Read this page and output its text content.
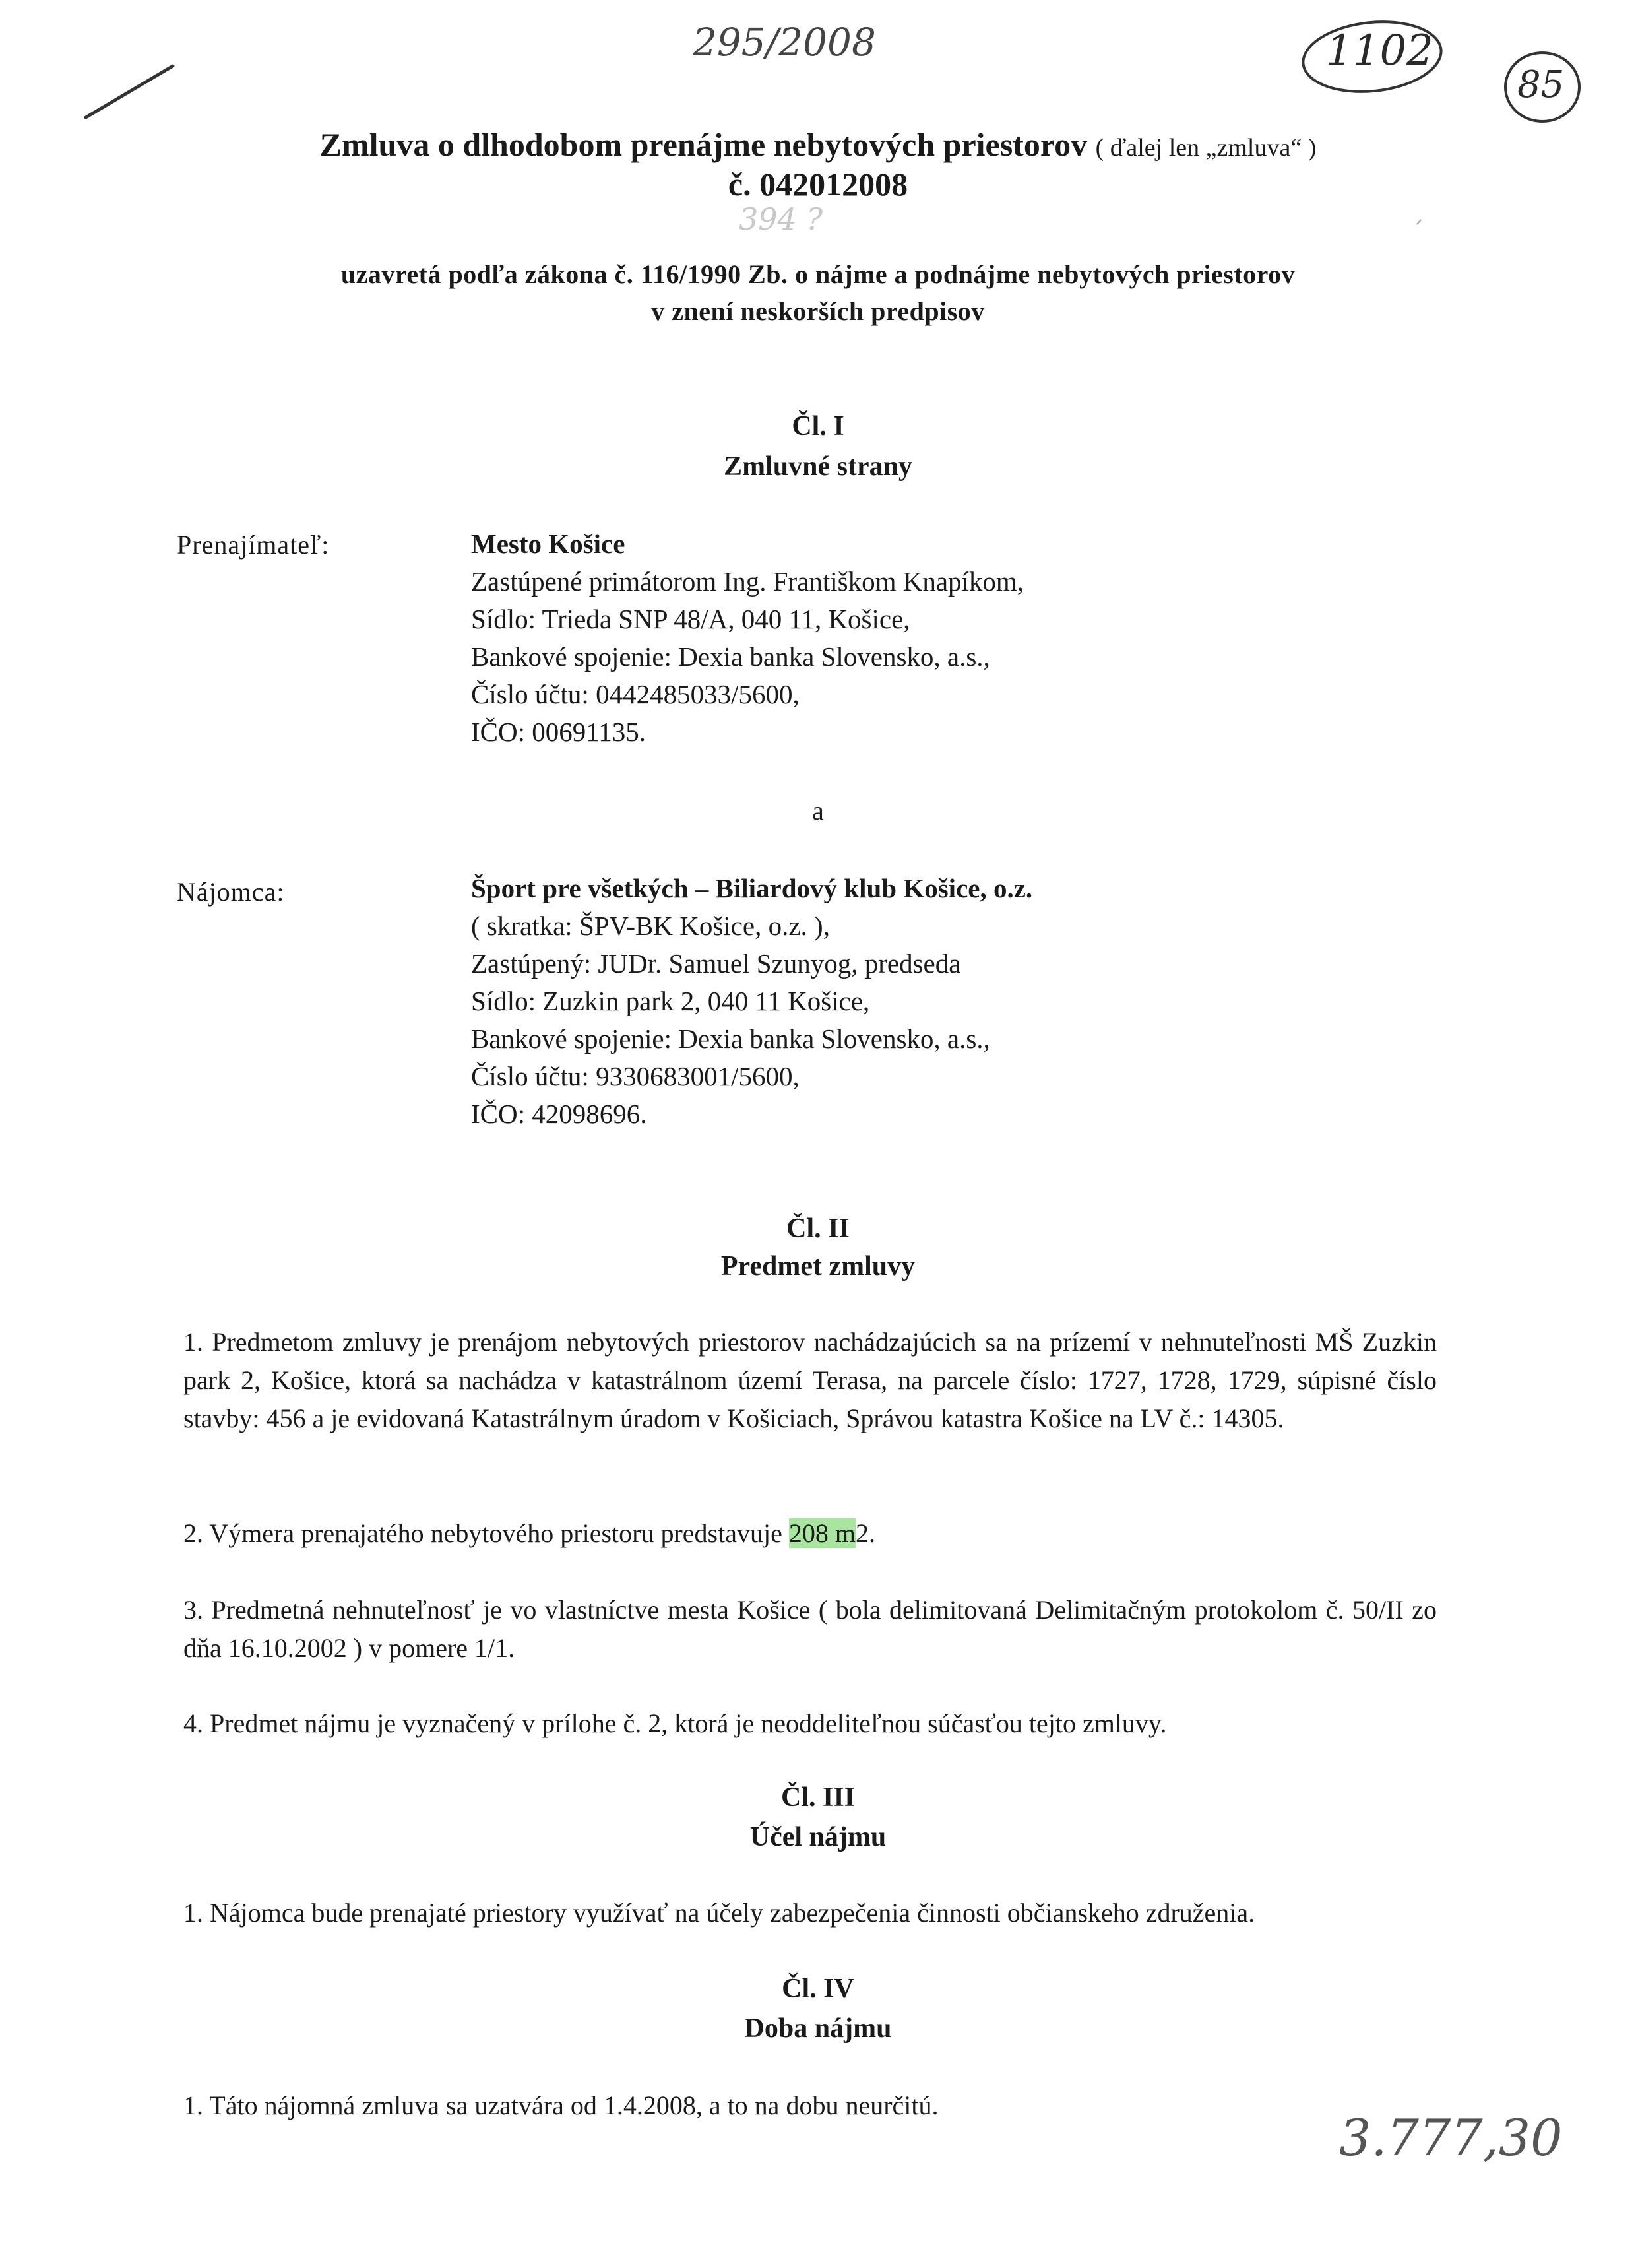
295/2008	1102
85
394 ?
3.777,30
Zmluva o dlhodobom prenájme nebytových priestorov ( ďalej len „zmluva“ )
č. 042012008
uzavretá podľa zákona č. 116/1990 Zb. o nájme a podnájme nebytových priestorov
v znení neskorších predpisov
Čl. I
Zmluvné strany
Prenajímateľ:	Mesto Košice
Zastúpené primátorom Ing. Františkom Knapíkom,
Sídlo: Trieda SNP 48/A, 040 11, Košice,
Bankové spojenie: Dexia banka Slovensko, a.s.,
Číslo účtu: 0442485033/5600,
IČO: 00691135.
a
Nájomca:	Šport pre všetkých – Biliardový klub Košice, o.z.
( skratka: ŠPV-BK Košice, o.z. ),
Zastúpený: JUDr. Samuel Szunyog, predseda
Sídlo: Zuzkin park 2, 040 11 Košice,
Bankové spojenie: Dexia banka Slovensko, a.s.,
Číslo účtu: 9330683001/5600,
IČO: 42098696.
Čl. II
Predmet zmluvy
1. Predmetom zmluvy je prenájom nebytových priestorov nachádzajúcich sa na prízemí v nehnuteľnosti MŠ Zuzkin park 2, Košice, ktorá sa nachádza v katastrálnom území Terasa, na parcele číslo: 1727, 1728, 1729, súpisné číslo stavby: 456 a je evidovaná Katastrálnym úradom v Košiciach, Správou katastra Košice na LV č.: 14305.
2. Výmera prenajatého nebytového priestoru predstavuje 208 m2.
3. Predmetná nehnuteľnosť je vo vlastníctve mesta Košice ( bola delimitovaná Delimitačným protokolom č. 50/II zo dňa 16.10.2002 ) v pomere 1/1.
4. Predmet nájmu je vyznačený v prílohe č. 2, ktorá je neoddeliteľnou súčasťou tejto zmluvy.
Čl. III
Účel nájmu
1. Nájomca bude prenajaté priestory využívať na účely zabezpečenia činnosti občianskeho združenia.
Čl. IV
Doba nájmu
1. Táto nájomná zmluva sa uzatvára od 1.4.2008, a to na dobu neurčitú.
